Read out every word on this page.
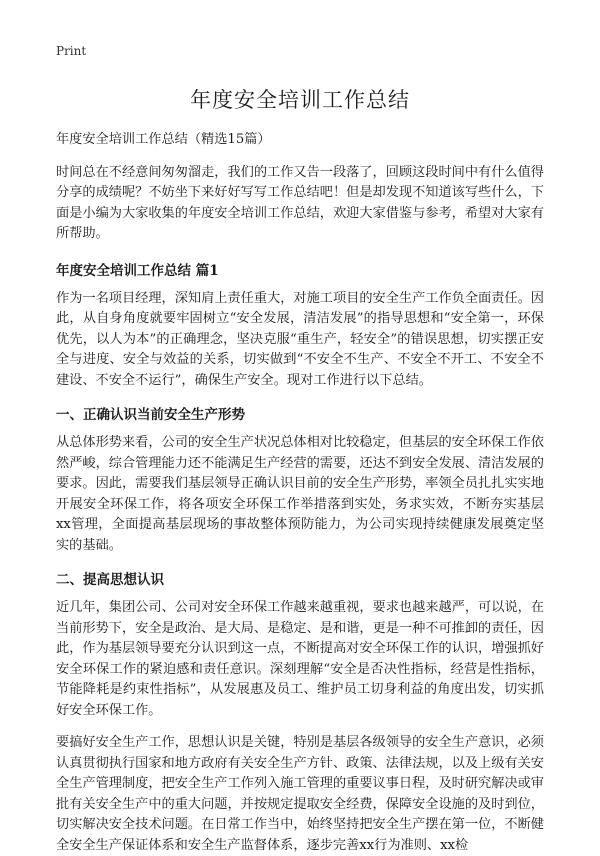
Print
年度安全培训工作总结

年度安全培训工作总结（精选15篇）

时间总在不经意间匆匆溜走，我们的工作又告一段落了，回顾这段时间中有什么值得分享的成绩呢？不妨坐下来好好写写工作总结吧！但是却发现不知道该写些什么，下面是小编为大家收集的年度安全培训工作总结，欢迎大家借鉴与参考，希望对大家有所帮助。

年度安全培训工作总结 篇1

作为一名项目经理，深知肩上责任重大，对施工项目的安全生产工作负全面责任。因此，从自身角度就要牢固树立“安全发展，清洁发展”的指导思想和“安全第一，环保优先，以人为本”的正确理念，坚决克服“重生产，轻安全”的错误思想，切实摆正安全与进度、安全与效益的关系，切实做到“不安全不生产、不安全不开工、不安全不建设、不安全不运行”，确保生产安全。现对工作进行以下总结。

一、正确认识当前安全生产形势

从总体形势来看，公司的安全生产状况总体相对比较稳定，但基层的安全环保工作依然严峻，综合管理能力还不能满足生产经营的需要，还达不到安全发展、清洁发展的要求。因此，需要我们基层领导正确认识目前的安全生产形势，率领全员扎扎实实地开展安全环保工作，将各项安全环保工作举措落到实处，务求实效，不断夯实基层xx管理，全面提高基层现场的事故整体预防能力，为公司实现持续健康发展奠定坚实的基础。

二、提高思想认识

近几年，集团公司、公司对安全环保工作越来越重视，要求也越来越严，可以说，在当前形势下，安全是政治、是大局、是稳定、是和谐，更是一种不可推卸的责任，因此，作为基层领导要充分认识到这一点，不断提高对安全环保工作的认识，增强抓好安全环保工作的紧迫感和责任意识。深刻理解“安全是否决性指标，经营是性指标，节能降耗是约束性指标”，从发展惠及员工、维护员工切身利益的角度出发，切实抓好安全环保工作。

要搞好安全生产工作，思想认识是关键，特别是基层各级领导的安全生产意识，必须认真贯彻执行国家和地方政府有关安全生产方针、政策、法律法规，以及上级有关安全生产管理制度，把安全生产工作列入施工管理的重要议事日程，及时研究解决或审批有关安全生产中的重大问题，并按规定提取安全经费，保障安全设施的及时到位，切实解决安全技术问题。在日常工作当中，始终坚持把安全生产摆在第一位，不断健全安全生产保证体系和安全生产监督体系，逐步完善xx行为准则、xx检
